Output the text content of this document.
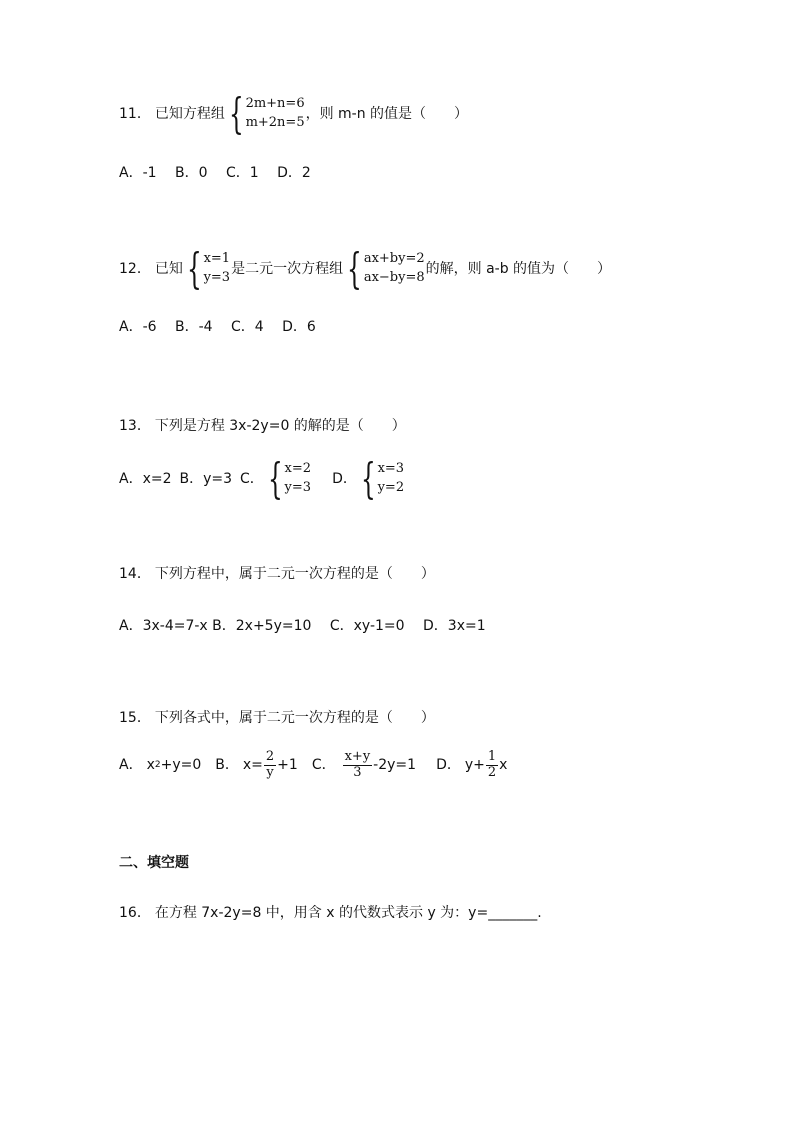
11． 已知方程组 { 2m+n=6
m+2n=5
，则 m-n 的值是（　　）
A．-1　 B．0　 C．1　 D．2
12． 已知 { x=1
y=3
是二元一次方程组 { ax+by=2
ax−by=8
的解，则 a-b 的值为（　　）
A．-6　 B．-4　 C．4　 D．6
13． 下列是方程 3x-2y=0 的解的是（　　）
A．x=2 B．y=3 C． { x=2
y=3
D． { x=3
y=2
14． 下列方程中，属于二元一次方程的是（　　）
A．3x-4=7-x B．2x+5y=10　 C．xy-1=0　 D．3x=1
15． 下列各式中，属于二元一次方程的是（　　）
A． x 2 +y=0 B． $x= \frac{2}{y} +1$ C． $\frac{x+y}{3} -2y=1$ D． $y+ \frac{1}{2}$ x
二、填空题
16． 在方程 7x-2y=8 中，用含 x 的代数式表示 y 为：y=_______.
